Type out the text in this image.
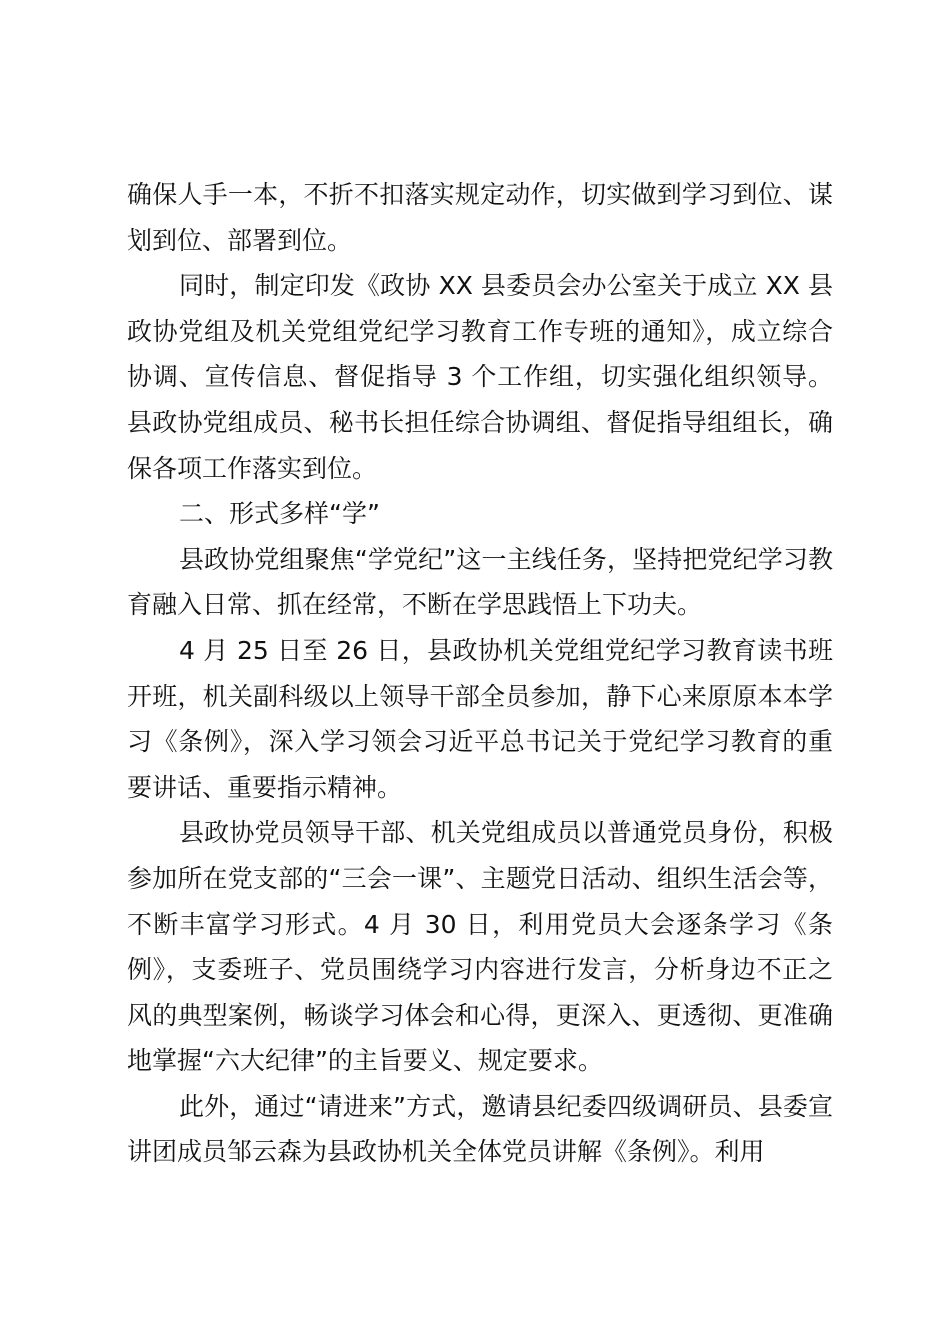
确保人手一本，不折不扣落实规定动作，切实做到学习到位、谋划到位、部署到位。

同时，制定印发《政协 XX 县委员会办公室关于成立 XX 县政协党组及机关党组党纪学习教育工作专班的通知》，成立综合协调、宣传信息、督促指导 3 个工作组，切实强化组织领导。县政协党组成员、秘书长担任综合协调组、督促指导组组长，确保各项工作落实到位。

二、形式多样“学”

县政协党组聚焦“学党纪”这一主线任务，坚持把党纪学习教育融入日常、抓在经常，不断在学思践悟上下功夫。

4 月 25 日至 26 日，县政协机关党组党纪学习教育读书班开班，机关副科级以上领导干部全员参加，静下心来原原本本学习《条例》，深入学习领会习近平总书记关于党纪学习教育的重要讲话、重要指示精神。

县政协党员领导干部、机关党组成员以普通党员身份，积极参加所在党支部的“三会一课”、主题党日活动、组织生活会等，不断丰富学习形式。4 月 30 日，利用党员大会逐条学习《条例》，支委班子、党员围绕学习内容进行发言，分析身边不正之风的典型案例，畅谈学习体会和心得，更深入、更透彻、更准确地掌握“六大纪律”的主旨要义、规定要求。

此外，通过“请进来”方式，邀请县纪委四级调研员、县委宣讲团成员邹云森为县政协机关全体党员讲解《条例》。利用
